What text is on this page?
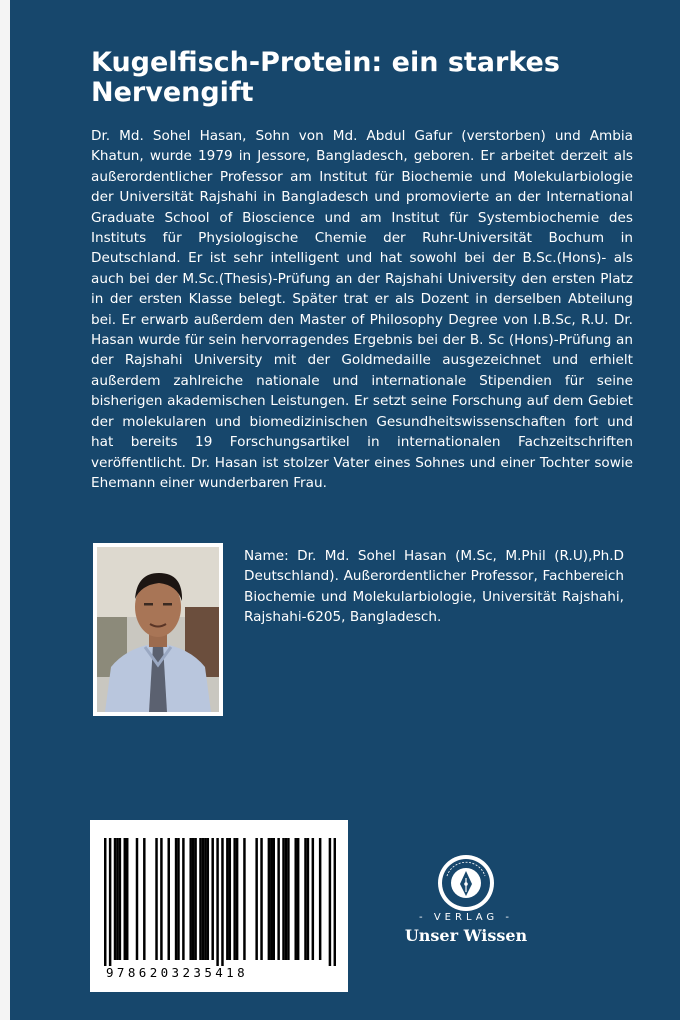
Kugelfisch-Protein: ein starkes Nervengift

Dr. Md. Sohel Hasan, Sohn von Md. Abdul Gafur (verstorben) und Ambia Khatun, wurde 1979 in Jessore, Bangladesch, geboren. Er arbeitet derzeit als außerordentlicher Professor am Institut für Biochemie und Molekularbiologie der Universität Rajshahi in Bangladesch und promovierte an der International Graduate School of Bioscience und am Institut für Systembiochemie des Instituts für Physiologische Chemie der Ruhr-Universität Bochum in Deutschland. Er ist sehr intelligent und hat sowohl bei der B.Sc.(Hons)- als auch bei der M.Sc.(Thesis)-Prüfung an der Rajshahi University den ersten Platz in der ersten Klasse belegt. Später trat er als Dozent in derselben Abteilung bei. Er erwarb außerdem den Master of Philosophy Degree von I.B.Sc, R.U. Dr. Hasan wurde für sein hervorragendes Ergebnis bei der B. Sc (Hons)-Prüfung an der Rajshahi University mit der Goldmedaille ausgezeichnet und erhielt außerdem zahlreiche nationale und internationale Stipendien für seine bisherigen akademischen Leistungen. Er setzt seine Forschung auf dem Gebiet der molekularen und biomedizinischen Gesundheitswissenschaften fort und hat bereits 19 Forschungsartikel in internationalen Fachzeitschriften veröffentlicht. Dr. Hasan ist stolzer Vater eines Sohnes und einer Tochter sowie Ehemann einer wunderbaren Frau.

Name: Dr. Md. Sohel Hasan (M.Sc, M.Phil (R.U),Ph.D Deutschland). Außerordentlicher Professor, Fachbereich Biochemie und Molekularbiologie, Universität Rajshahi, Rajshahi-6205, Bangladesch.

9786203235418
- VERLAG -
Unser Wissen
